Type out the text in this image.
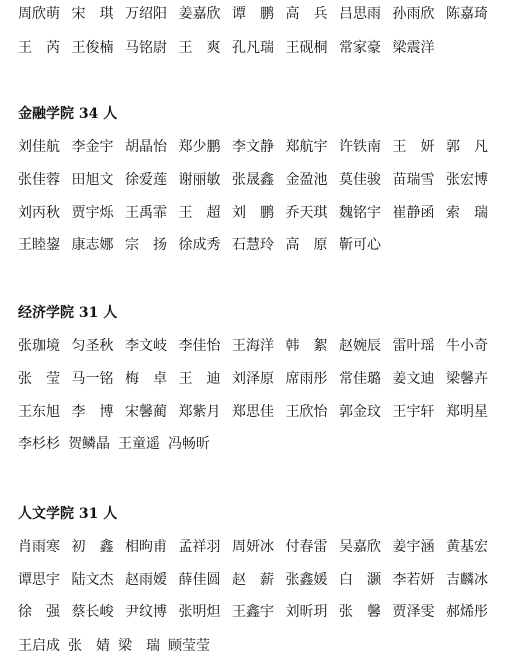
周欣萌 宋　琪 万绍阳 姜嘉欣 谭　鹏 高　兵 吕思雨 孙雨欣 陈嘉琦
王　芮 王俊楠 马铭尉 王　爽 孔凡瑞 王砚桐 常家豪 梁震洋
金融学院 34 人
刘佳航 李金宇 胡晶怡 郑少鹏 李文静 郑航宇 许铁南 王　妍 郭　凡
张佳蓉 田旭文 徐爱莲 谢丽敏 张晟鑫 金盈池 莫佳骏 苗瑞雪 张宏博
刘丙秋 贾宇烁 王禹霏 王　超 刘　鹏 乔天琪 魏铭宇 崔静函 索　瑞
王睦鋆 康志娜 宗　扬 徐成秀 石慧玲 高　原 靳可心
经济学院 31 人
张珈境 匀圣秋 李文岐 李佳怡 王海洋 韩　絮 赵婉辰 雷叶瑶 牛小奇
张　莹 马一铭 梅　卓 王　迪 刘泽原 席雨彤 常佳璐 姜文迪 梁馨卉
王东旭 李　博 宋馨蔺 郑紫月 郑思佳 王欣怡 郭金玟 王宇轩 郑明星
李杉杉 贺鳞晶 王童遥 冯畅昕
人文学院 31 人
肖雨寒 初　鑫 相昫甫 孟祥羽 周妍冰 付春雷 吴嘉欣 姜宇涵 黄基宏
谭思宇 陆文杰 赵雨嫒 薛佳圆 赵　薪 张鑫媛 白　灏 李若妍 吉麟冰
徐　强 蔡长峻 尹纹博 张明炟 王鑫宇 刘昕玥 张　馨 贾泽雯 郝烯彤
王启成 张　婧 梁　瑞 顾莹莹
